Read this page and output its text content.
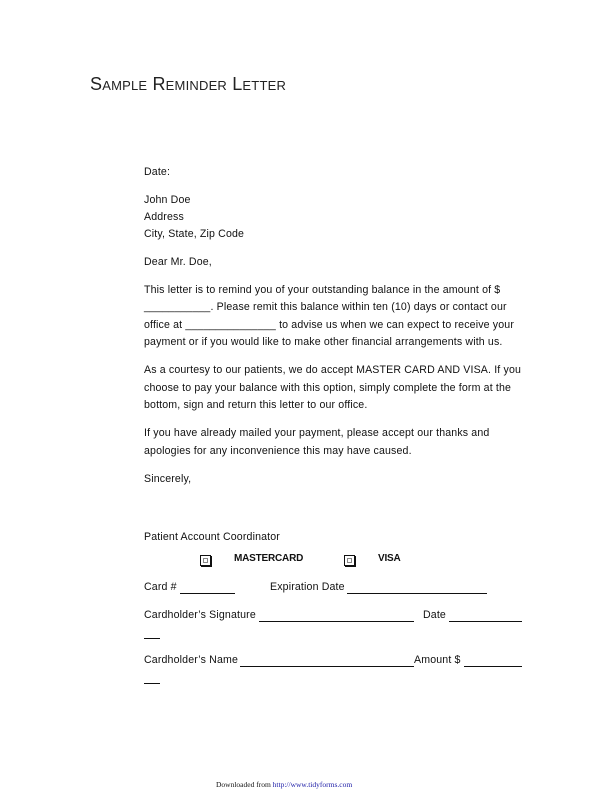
Sample Reminder Letter

Date:

John Doe
Address
City, State, Zip Code

Dear Mr. Doe,

This letter is to remind you of your outstanding balance in the amount of $ ___________. Please remit this balance within ten (10) days or contact our office at _______________ to advise us when we can expect to receive your payment or if you would like to make other financial arrangements with us.

As a courtesy to our patients, we do accept MASTER CARD AND VISA. If you choose to pay your balance with this option, simply complete the form at the bottom, sign and return this letter to our office.

If you have already mailed your payment, please accept our thanks and apologies for any inconvenience this may have caused.

Sincerely,

Patient Account Coordinator

MASTERCARD	VISA
Card #	Expiration Date
Cardholder’s Signature	Date
Cardholder’s Name	Amount $
Downloaded from http://www.tidyforms.com
